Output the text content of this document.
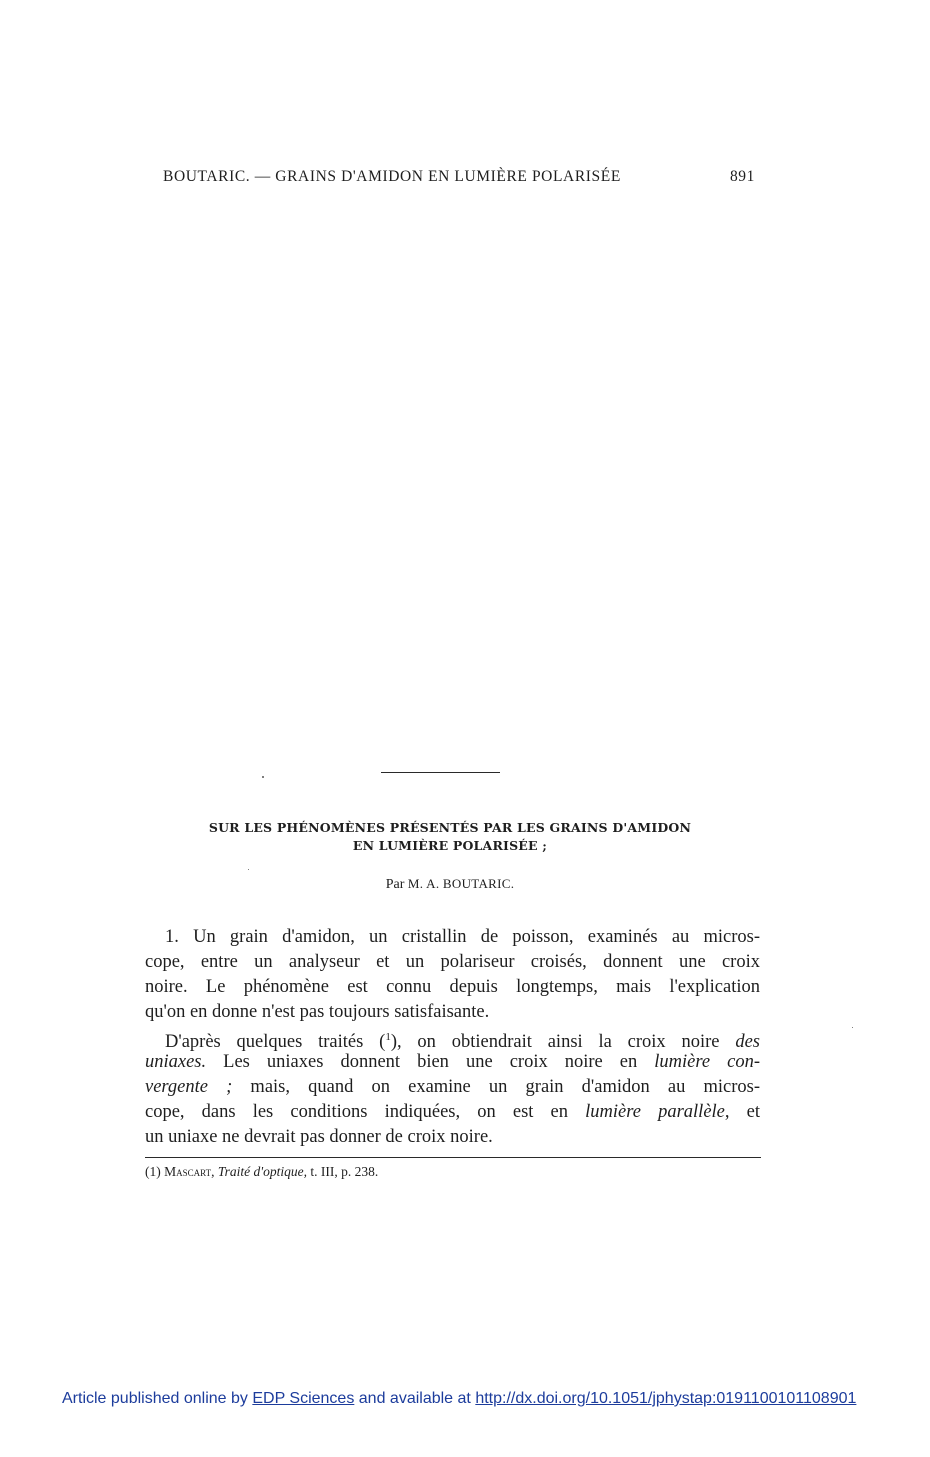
BOUTARIC. — GRAINS D'AMIDON EN LUMIÈRE POLARISÉE	891
SUR LES PHÉNOMÈNES PRÉSENTÉS PAR LES GRAINS D'AMIDON
EN LUMIÈRE POLARISÉE ;
Par M. A. BOUTARIC.
1. Un grain d'amidon, un cristallin de poisson, examinés au micros-
cope, entre un analyseur et un polariseur croisés, donnent une croix
noire. Le phénomène est connu depuis longtemps, mais l'explication
qu'on en donne n'est pas toujours satisfaisante.
D'après quelques traités ($^1$), on obtiendrait ainsi la croix noire des
uniaxes. Les uniaxes donnent bien une croix noire en lumière con-
vergente ; mais, quand on examine un grain d'amidon au micros-
cope, dans les conditions indiquées, on est en lumière parallèle, et
un uniaxe ne devrait pas donner de croix noire.
(1) Mascart, Traité d'optique, t. III, p. 238.
Article published online by EDP Sciences and available at http://dx.doi.org/10.1051/jphystap:0191100101108901
